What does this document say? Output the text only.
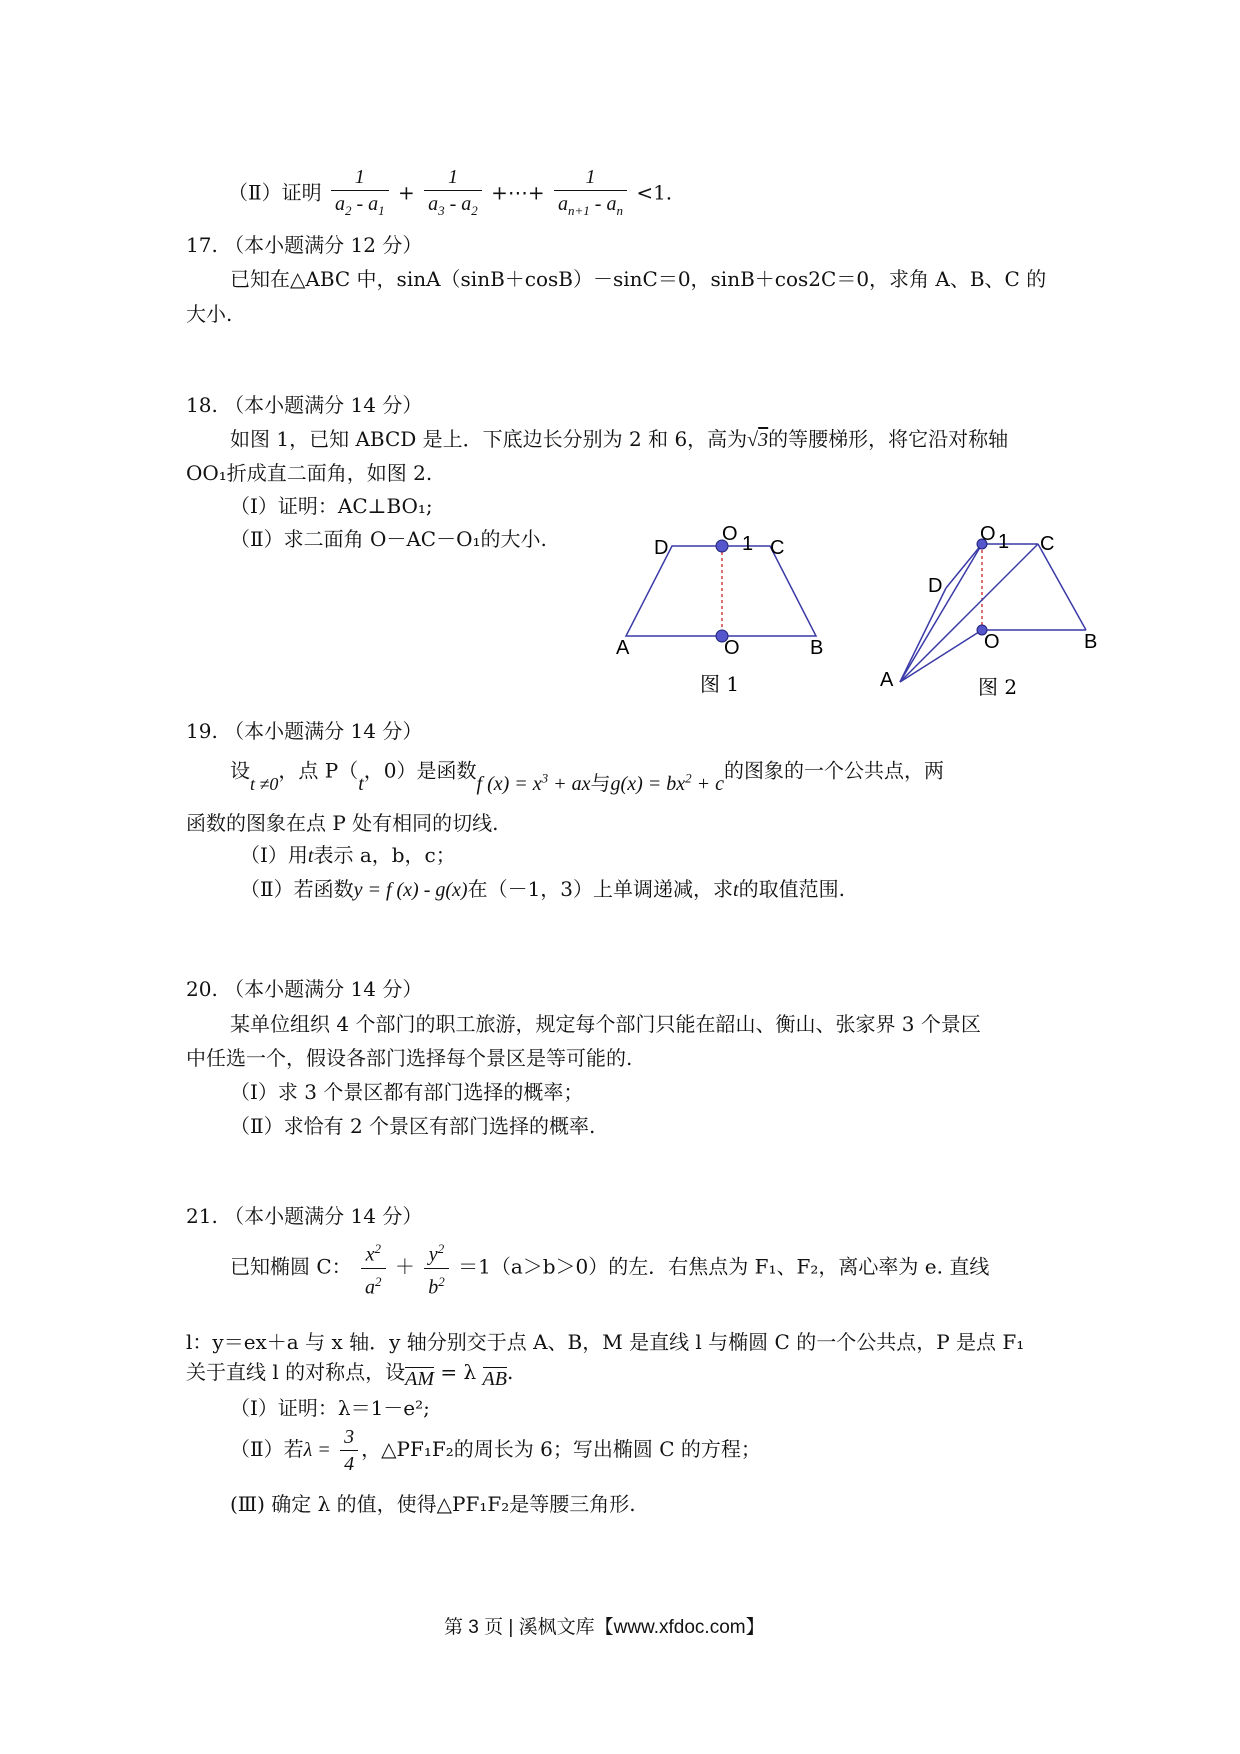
（Ⅱ）证明 $\frac{1}{a_2 - a_1} + \frac{1}{a_3 - a_2}$ +⋯+ $\frac{1}{a_{n+1} - a_n} <1$.
17. （本小题满分 12 分）
已知在△ABC 中，sinA（sinB＋cosB）－sinC＝0，sinB＋cos2C＝0，求角 A、B、C 的
大小.
18. （本小题满分 14 分）
如图 1，已知 ABCD 是上．下底边长分别为 2 和 6，高为√3的等腰梯形，将它沿对称轴
OO₁折成直二面角，如图 2.
（Ⅰ）证明：AC⊥BO₁;
（Ⅱ）求二面角 O－AC－O₁的大小.	D
O 1 C
A	O	B
图 1
O 1 C
D
O	B
A	图 2
19. （本小题满分 14 分）
设t ≠0，点 P（t，0）是函数f $(x) = x^3$ + ax与$g(x) = bx^2 + c$的图象的一个公共点，两
函数的图象在点 P 处有相同的切线.
（Ⅰ）用t表示 a，b，c；
（Ⅱ）若函数y = f (x) - g(x)在（－1，3）上单调递减，求t的取值范围.
20. （本小题满分 14 分）
某单位组织 4 个部门的职工旅游，规定每个部门只能在韶山、衡山、张家界 3 个景区
中任选一个，假设各部门选择每个景区是等可能的.
（Ⅰ）求 3 个景区都有部门选择的概率；
（Ⅱ）求恰有 2 个景区有部门选择的概率.
21. （本小题满分 14 分）
已知椭圆 C： $\frac{x^2}{a^2} + \frac{y^2}{b^2} =1(a>b>0)$的左．右焦点为 F₁、F₂，离心率为 e. 直线
l：y＝ex＋a 与 x 轴．y 轴分别交于点 A、B，M 是直线 l 与椭圆 C 的一个公共点，P 是点 F₁
关于直线 l 的对称点，设AM = λ AB.
（Ⅰ）证明：λ＝1－e²;
（Ⅱ）若$\lambda = \frac{3}{4}$ ，△PF₁F₂的周长为 6；写出椭圆 C 的方程；
(Ⅲ) 确定 λ 的值，使得△PF₁F₂是等腰三角形.
第 3 页 | 溪枫文库【www.xfdoc.com】
